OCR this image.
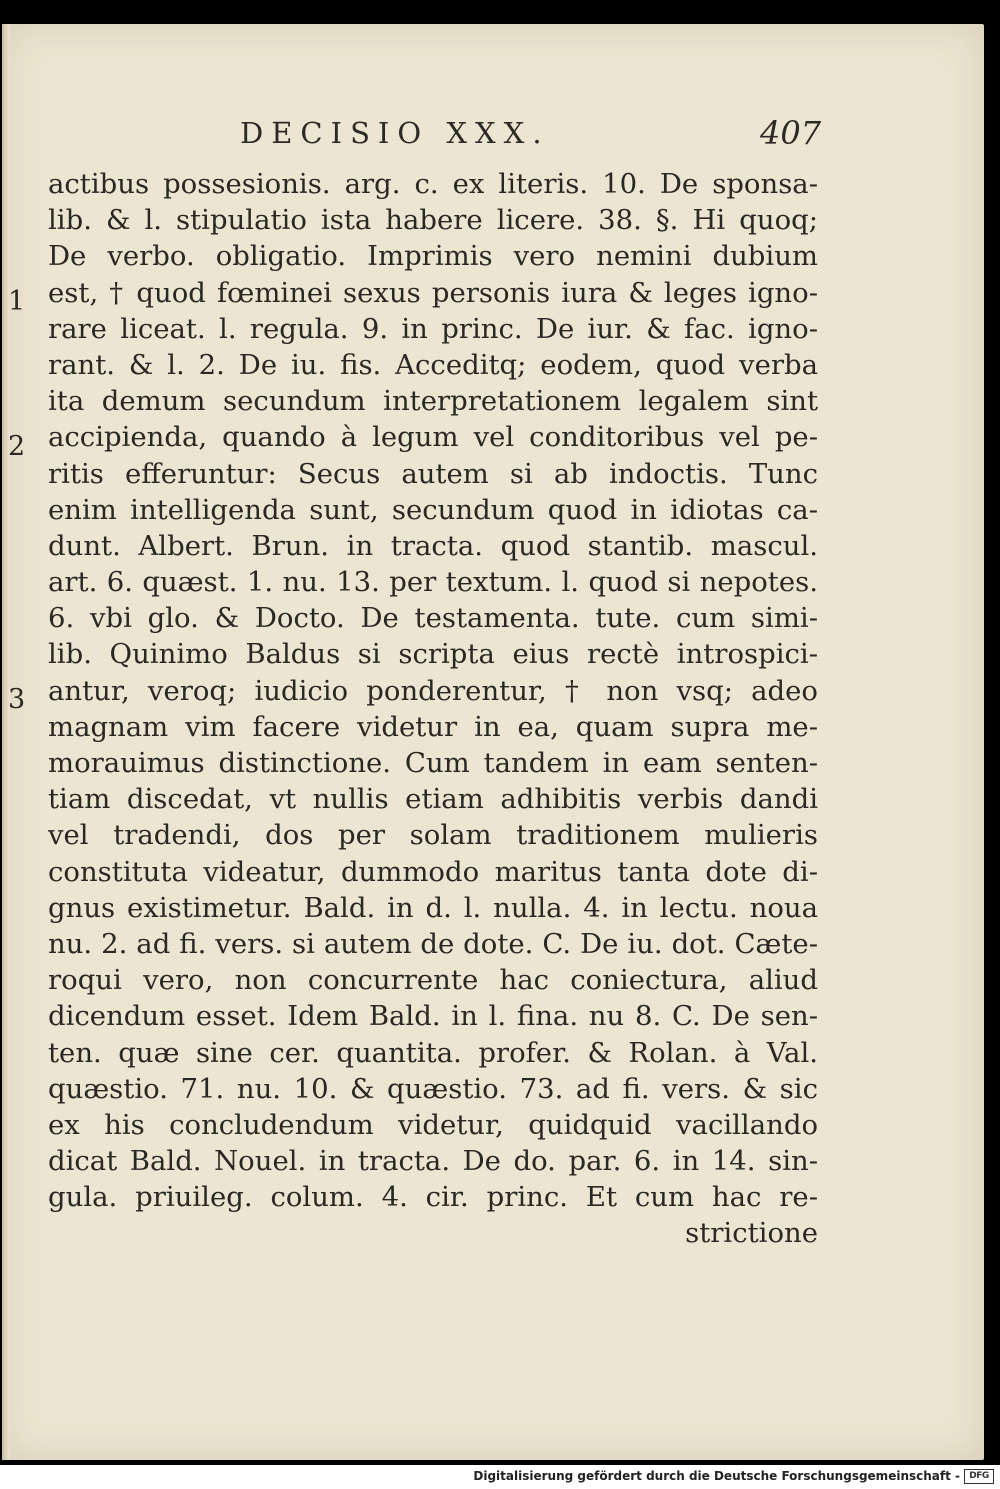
DECISIO XXX.	407
1
2
3
actibus possesionis. arg. c. ex literis. 10. De sponsa-
lib. & l. stipulatio ista habere licere. 38. §. Hi quoq;
De verbo. obligatio. Imprimis vero nemini dubium
est, † quod fœminei sexus personis iura & leges igno-
rare liceat. l. regula. 9. in princ. De iur. & fac. igno-
rant. & l. 2. De iu. fis. Acceditq; eodem, quod verba
ita demum secundum interpretationem legalem sint
accipienda, quando à legum vel conditoribus vel pe-
ritis efferuntur: Secus autem si ab indoctis. Tunc
enim intelligenda sunt, secundum quod in idiotas ca-
dunt. Albert. Brun. in tracta. quod stantib. mascul.
art. 6. quæst. 1. nu. 13. per textum. l. quod si nepotes.
6. vbi glo. & Docto. De testamenta. tute. cum simi-
lib. Quinimo Baldus si scripta eius rectè introspici-
antur, veroq; iudicio ponderentur, † non vsq; adeo
magnam vim facere videtur in ea, quam supra me-
morauimus distinctione. Cum tandem in eam senten-
tiam discedat, vt nullis etiam adhibitis verbis dandi
vel tradendi, dos per solam traditionem mulieris
constituta videatur, dummodo maritus tanta dote di-
gnus existimetur. Bald. in d. l. nulla. 4. in lectu. noua
nu. 2. ad fi. vers. si autem de dote. C. De iu. dot. Cæte-
roqui vero, non concurrente hac coniectura, aliud
dicendum esset. Idem Bald. in l. fina. nu 8. C. De sen-
ten. quæ sine cer. quantita. profer. & Rolan. à Val.
quæstio. 71. nu. 10. & quæstio. 73. ad fi. vers. & sic
ex his concludendum videtur, quidquid vacillando
dicat Bald. Nouel. in tracta. De do. par. 6. in 14. sin-
gula. priuileg. colum. 4. cir. princ. Et cum hac re-
strictione
Digitalisierung gefördert durch die Deutsche Forschungsgemeinschaft -	DFG
